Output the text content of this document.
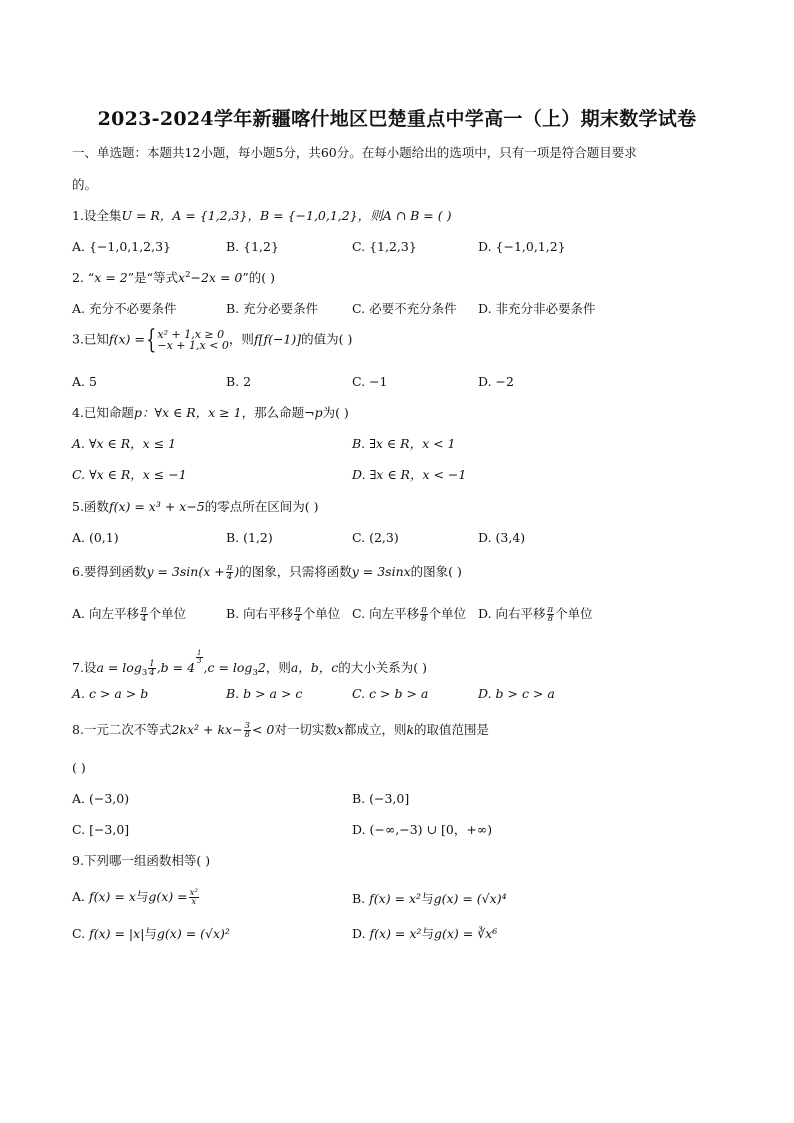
2023-2024学年新疆喀什地区巴楚重点中学高一（上）期末数学试卷
一、单选题：本题共12小题，每小题5分，共60分。在每小题给出的选项中，只有一项是符合题目要求
的。
1.设全集U = R，A = {1,2,3}，B = {−1,0,1,2}，则A ∩ B = ( )
A. {−1,0,1,2,3}	B. {1,2}	C. {1,2,3}	D. {−1,0,1,2}
2. “x = 2”是“等式$x^2-2x = 0$”的( )
A. 充分不必要条件	B. 充分必要条件	C. 必要不充分条件 D. 非充分非必要条件
3.已知f(x) ={ x² + 1,x ≥ 0
−x + 1,x < 0 ，则f[f(−1)]的值为( )
A. 5	B. 2	C. −1	D. −2
4.已知命题p：∀x ∈ R，x ≥ 1，那么命题¬p为( )
A. ∀x ∈ R，x ≤ 1	B. ∃x ∈ R，x < 1
C. ∀x ∈ R，x ≤ −1	D. ∃x ∈ R，x < −1
5.函数f(x) = x³ + x−5的零点所在区间为( )
A. (0,1)	B. (1,2)	C. (2,3)	D. (3,4)
6.要得到函数$y = 3\sin(x + \frac{\pi}{4}$ )的图象，只需将函数y = 3sinx的图象( )
A. 向左平移 $\frac{\pi}{4}$ 个单位	B. 向右平移 $\frac{\pi}{4}$ 个单位 C. 向左平移 $\frac{\pi}{8}$ 个单位 D. 向右平移 $\frac{\pi}{8}$ 个单位
7.设$a = \log_3 \frac{1}{4} ,b = 4$
$\frac{1}{3}$
$,c = \log_32$，则a，b，c的大小关系为( )
A. c > a > b	B. b > a > c	C. c > b > a	D. b > c > a
8.一元二次不等式$2kx^2 + kx- \frac{3}{8} < 0$对一切实数x都成立，则k的取值范围是
( )
A. (−3,0)	B. (−3,0]
C. [−3,0]	D. (−∞,−3) ∪ [0，+∞)
9.下列哪一组函数相等( )
A. f(x) = x与$g(x) = \frac{\text{x²}}{x}$	B. f(x) = x²与g(x) = (√x)⁴
C. f(x) = |x|与g(x) = (√x)²	D. f(x) = x²与g(x) = ∛x⁶
